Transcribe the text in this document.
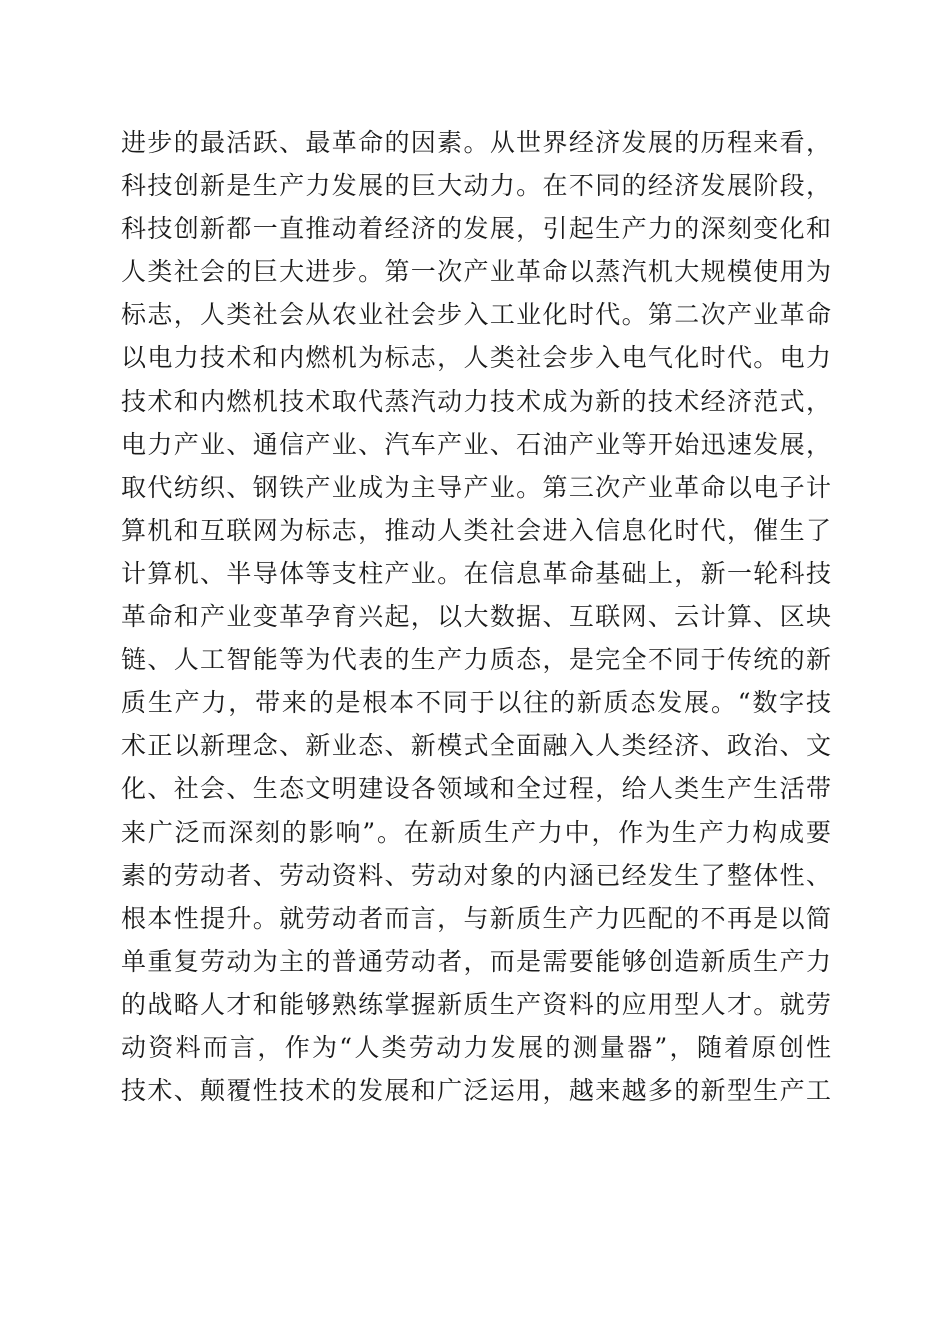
进步的最活跃、最革命的因素。从世界经济发展的历程来看，
科技创新是生产力发展的巨大动力。在不同的经济发展阶段，
科技创新都一直推动着经济的发展，引起生产力的深刻变化和
人类社会的巨大进步。第一次产业革命以蒸汽机大规模使用为
标志，人类社会从农业社会步入工业化时代。第二次产业革命
以电力技术和内燃机为标志，人类社会步入电气化时代。电力
技术和内燃机技术取代蒸汽动力技术成为新的技术经济范式，
电力产业、通信产业、汽车产业、石油产业等开始迅速发展，
取代纺织、钢铁产业成为主导产业。第三次产业革命以电子计
算机和互联网为标志，推动人类社会进入信息化时代，催生了
计算机、半导体等支柱产业。在信息革命基础上，新一轮科技
革命和产业变革孕育兴起，以大数据、互联网、云计算、区块
链、人工智能等为代表的生产力质态，是完全不同于传统的新
质生产力，带来的是根本不同于以往的新质态发展。“数字技
术正以新理念、新业态、新模式全面融入人类经济、政治、文
化、社会、生态文明建设各领域和全过程，给人类生产生活带
来广泛而深刻的影响”。在新质生产力中，作为生产力构成要
素的劳动者、劳动资料、劳动对象的内涵已经发生了整体性、
根本性提升。就劳动者而言，与新质生产力匹配的不再是以简
单重复劳动为主的普通劳动者，而是需要能够创造新质生产力
的战略人才和能够熟练掌握新质生产资料的应用型人才。就劳
动资料而言，作为“人类劳动力发展的测量器”，随着原创性
技术、颠覆性技术的发展和广泛运用，越来越多的新型生产工
